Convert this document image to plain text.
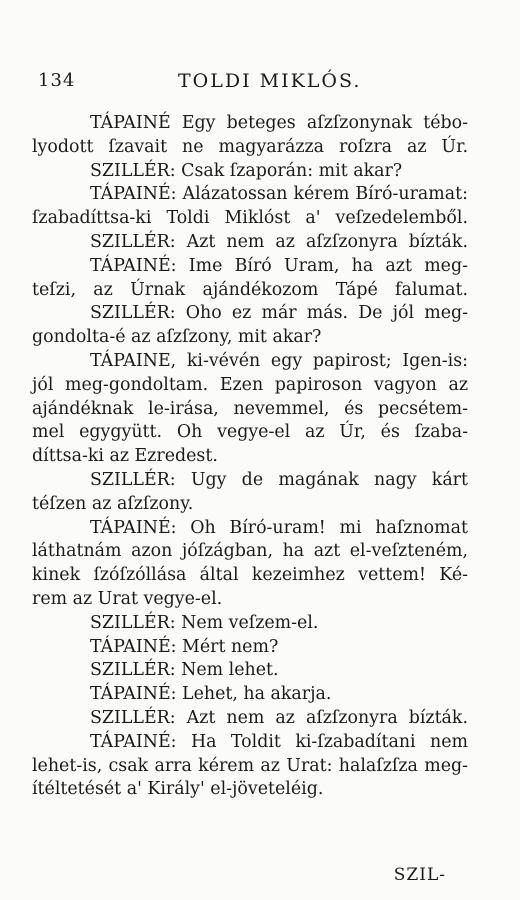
134	TOLDI MIKLÓS.
TÁPAINÉ Egy beteges aſzſzonynak tébo-
lyodott ſzavait ne magyarázza roſzra az Úr.
SZILLÉR: Csak ſzaporán: mit akar?
TÁPAINÉ: Alázatossan kérem Bíró-uramat:
ſzabadíttsa-ki Toldi Miklóst a' veſzedelemből.
SZILLÉR: Azt nem az aſzſzonyra bízták.
TÁPAINÉ: Ime Bíró Uram, ha azt meg-
teſzi, az Úrnak ajándékozom Tápé falumat.
SZILLÉR: Oho ez már más. De jól meg-
gondolta-é az aſzſzony, mit akar?
TÁPAINE, ki-vévén egy papirost; Igen-is:
jól meg-gondoltam. Ezen papiroson vagyon az
ajándéknak le-irása, nevemmel, és pecsétem-
mel egygyütt. Oh vegye-el az Úr, és ſzaba-
díttsa-ki az Ezredest.
SZILLÉR: Ugy de magának nagy kárt
téſzen az aſzſzony.
TÁPAINÉ: Oh Bíró-uram! mi haſznomat
láthatnám azon jóſzágban, ha azt el-veſzteném,
kinek ſzóſzóllása által kezeimhez vettem! Ké-
rem az Urat vegye-el.
SZILLÉR: Nem veſzem-el.
TÁPAINÉ: Mért nem?
SZILLÉR: Nem lehet.
TÁPAINÉ: Lehet, ha akarja.
SZILLÉR: Azt nem az aſzſzonyra bízták.
TÁPAINÉ: Ha Toldit ki-ſzabadítani nem
lehet-is, csak arra kérem az Urat: halaſzſza meg-
ítéltetését a' Király' el-jöveteléig.
SZIL-
